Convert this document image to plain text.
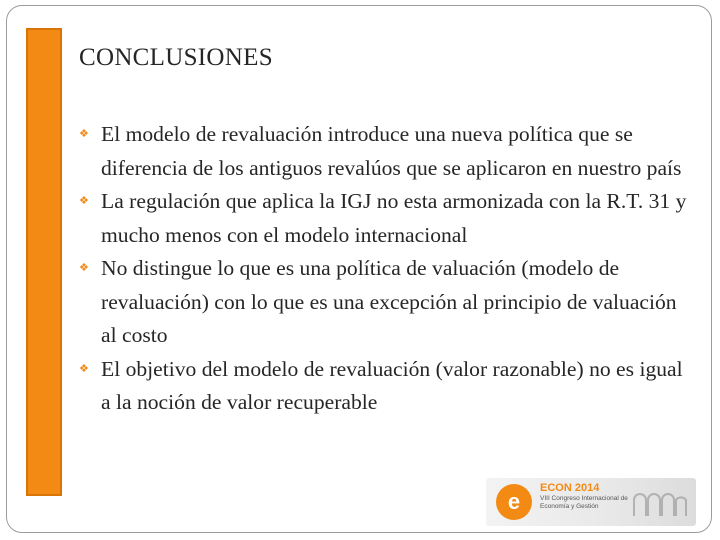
CONCLUSIONES
❖ El modelo de revaluación introduce una nueva política que se diferencia de los antiguos revalúos que se aplicaron en nuestro país
❖ La regulación que aplica la IGJ no esta armonizada con la R.T. 31 y mucho menos con el modelo internacional
❖ No distingue lo que es una política de valuación (modelo de revaluación) con lo que es una excepción al principio de valuación al costo
❖ El objetivo del modelo de revaluación (valor razonable) no es igual a la noción de valor recuperable
e
ECON 2014
VIII Congreso Internacional de Economía y Gestión
